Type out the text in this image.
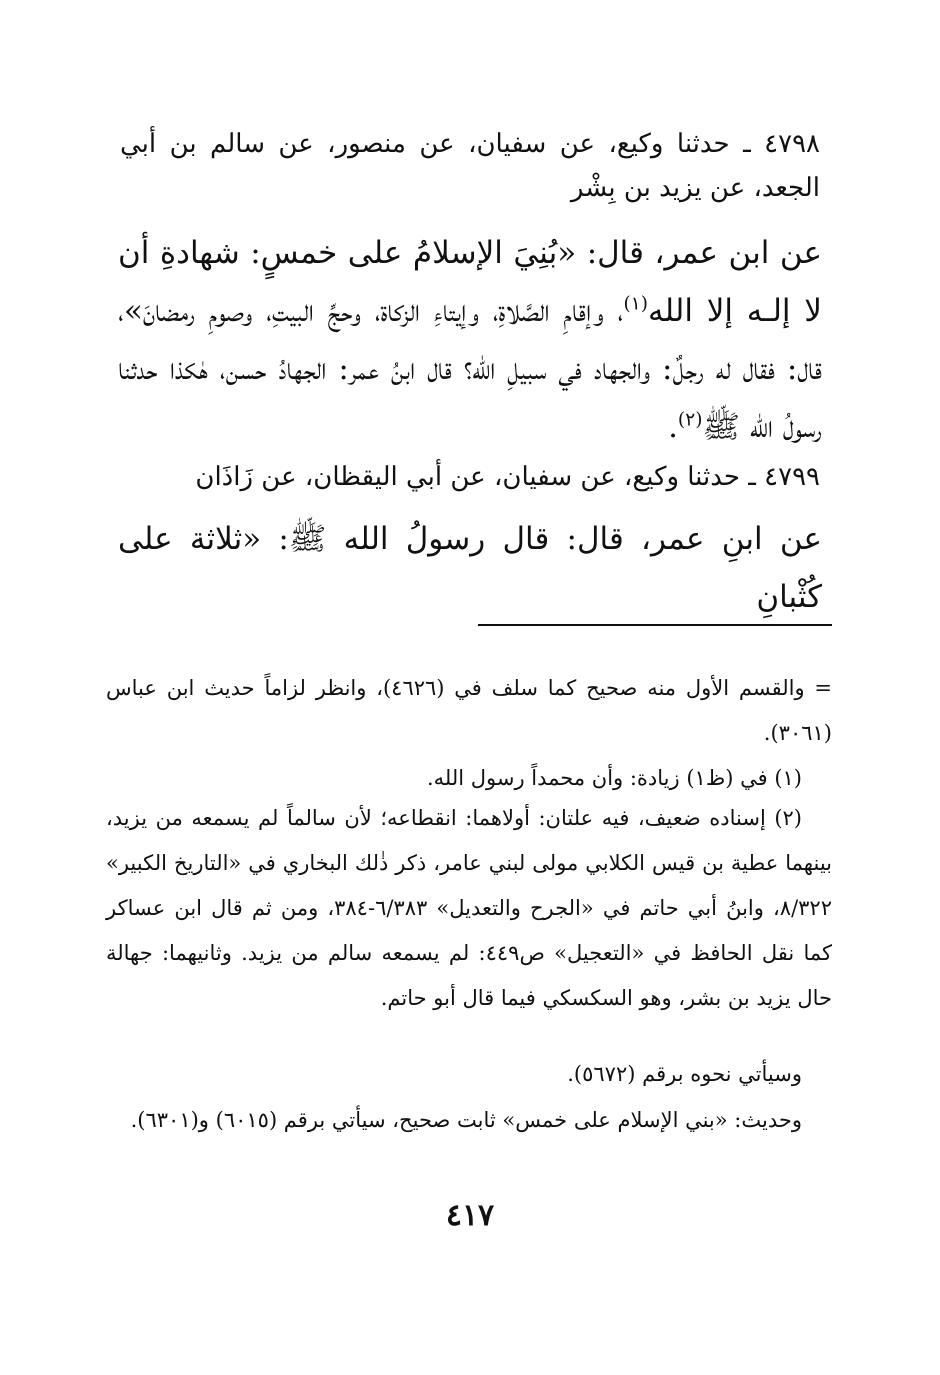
٤٧٩٨ ـ حدثنا وكيع، عن سفيان، عن منصور، عن سالم بن أبي الجعد، عن يزيد بن بِشْر
عن ابن عمر، قال: «بُنِيَ الإسلامُ على خمسٍ: شهادةِ أن لا إلـه إلا الله$^{(١)}$، وإقامِ الصَّلاةِ، وإيتاءِ الزكاة، وحجِّ البيتِ، وصومِ رمضانَ»، قال: فقال له رجلٌ: والجهاد في سبيلِ الله؟ قال ابنُ عمر: الجهادُ حسن، هٰكذا حدثنا رسولُ الله ﷺ$^{(٢)}$.
٤٧٩٩ ـ حدثنا وكيع، عن سفيان، عن أبي اليقظان، عن زَاذَان
عن ابنِ عمر، قال: قال رسولُ الله ﷺ: «ثلاثة على كُثْبانِ
= والقسم الأول منه صحيح كما سلف في (٤٦٢٦)، وانظر لزاماً حديث ابن عباس (٣٠٦١).
(١) في (ظ١) زيادة: وأن محمداً رسول الله.
(٢) إسناده ضعيف، فيه علتان: أولاهما: انقطاعه؛ لأن سالماً لم يسمعه من يزيد، بينهما عطية بن قيس الكلابي مولى لبني عامر، ذكر ذٰلك البخاري في «التاريخ الكبير» ٨/٣٢٢، وابنُ أبي حاتم في «الجرح والتعديل» ٦/٣٨٣-٣٨٤، ومن ثم قال ابن عساكر كما نقل الحافظ في «التعجيل» ص٤٤٩: لم يسمعه سالم من يزيد. وثانيهما: جهالة حال يزيد بن بشر، وهو السكسكي فيما قال أبو حاتم.
وسيأتي نحوه برقم (٥٦٧٢).
وحديث: «بني الإسلام على خمس» ثابت صحيح، سيأتي برقم (٦٠١٥) و(٦٣٠١).
٤١٧
